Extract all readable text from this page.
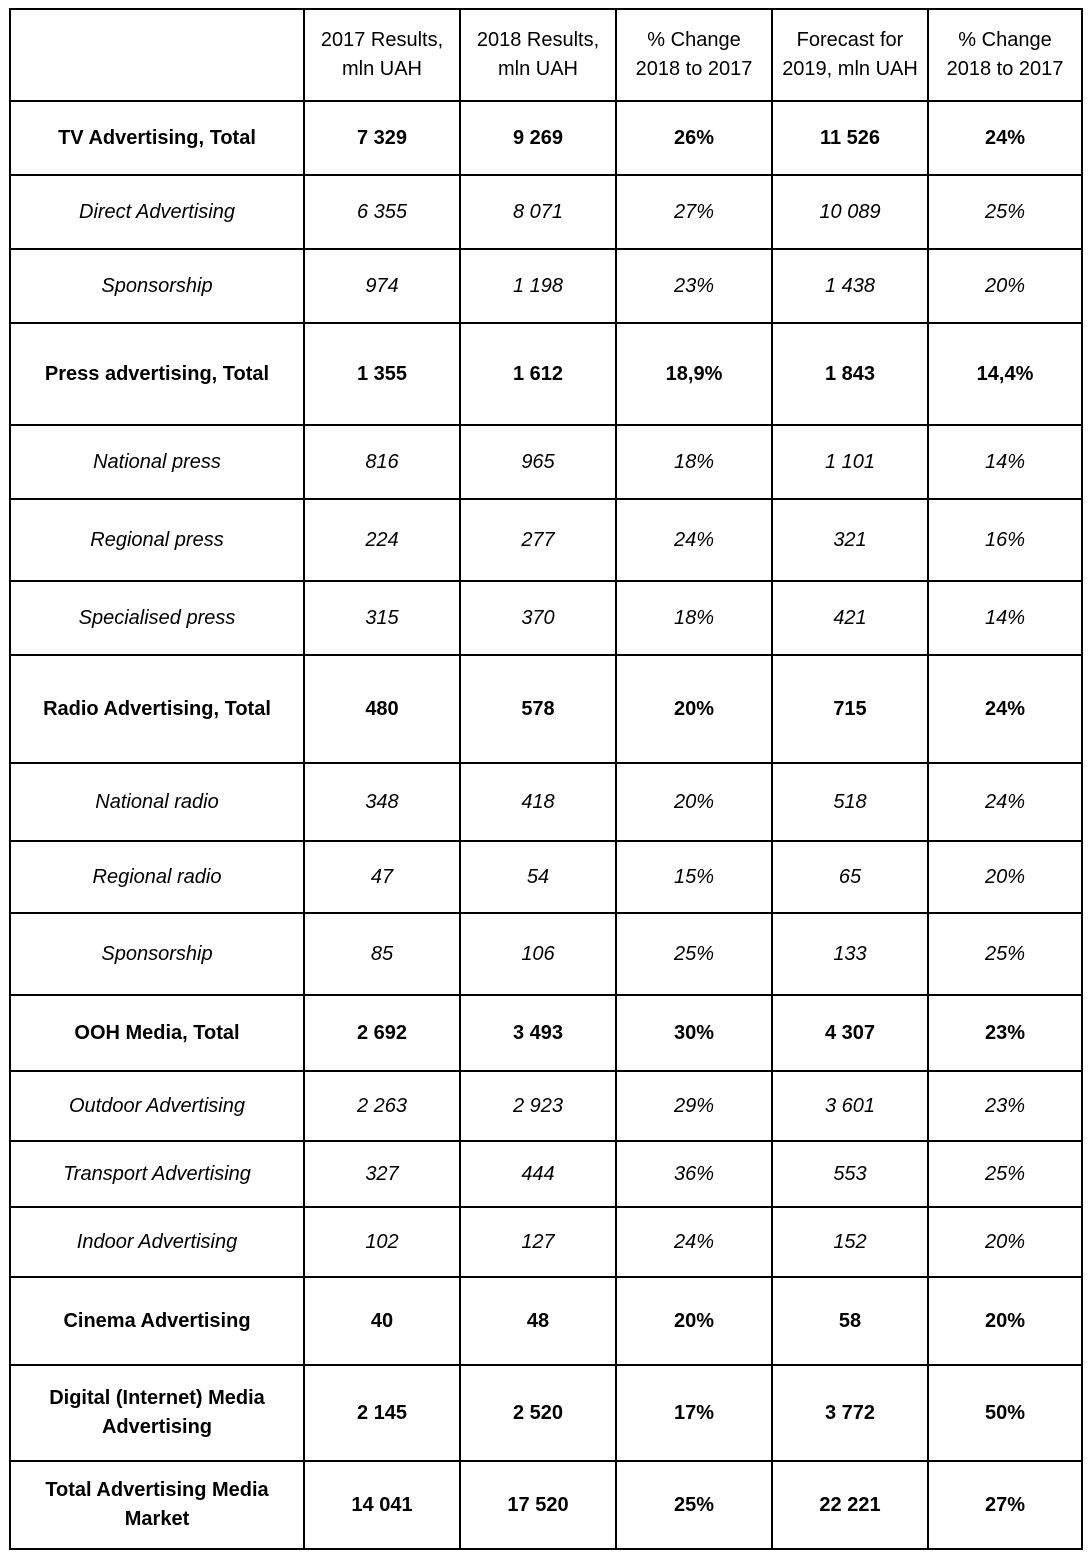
	2017 Results, mln UAH	2018 Results, mln UAH	% Change 2018 to 2017	Forecast for 2019, mln UAH	% Change 2018 to 2017
TV Advertising, Total	7 329	9 269	26%	11 526	24%
Direct Advertising	6 355	8 071	27%	10 089	25%
Sponsorship	974	1 198	23%	1 438	20%
Press advertising, Total	1 355	1 612	18,9%	1 843	14,4%
National press	816	965	18%	1 101	14%
Regional press	224	277	24%	321	16%
Specialised press	315	370	18%	421	14%
Radio Advertising, Total	480	578	20%	715	24%
National radio	348	418	20%	518	24%
Regional radio	47	54	15%	65	20%
Sponsorship	85	106	25%	133	25%
OOH Media, Total	2 692	3 493	30%	4 307	23%
Outdoor Advertising	2 263	2 923	29%	3 601	23%
Transport Advertising	327	444	36%	553	25%
Indoor Advertising	102	127	24%	152	20%
Cinema Advertising	40	48	20%	58	20%
Digital (Internet) Media Advertising	2 145	2 520	17%	3 772	50%
Total Advertising Media Market	14 041	17 520	25%	22 221	27%
